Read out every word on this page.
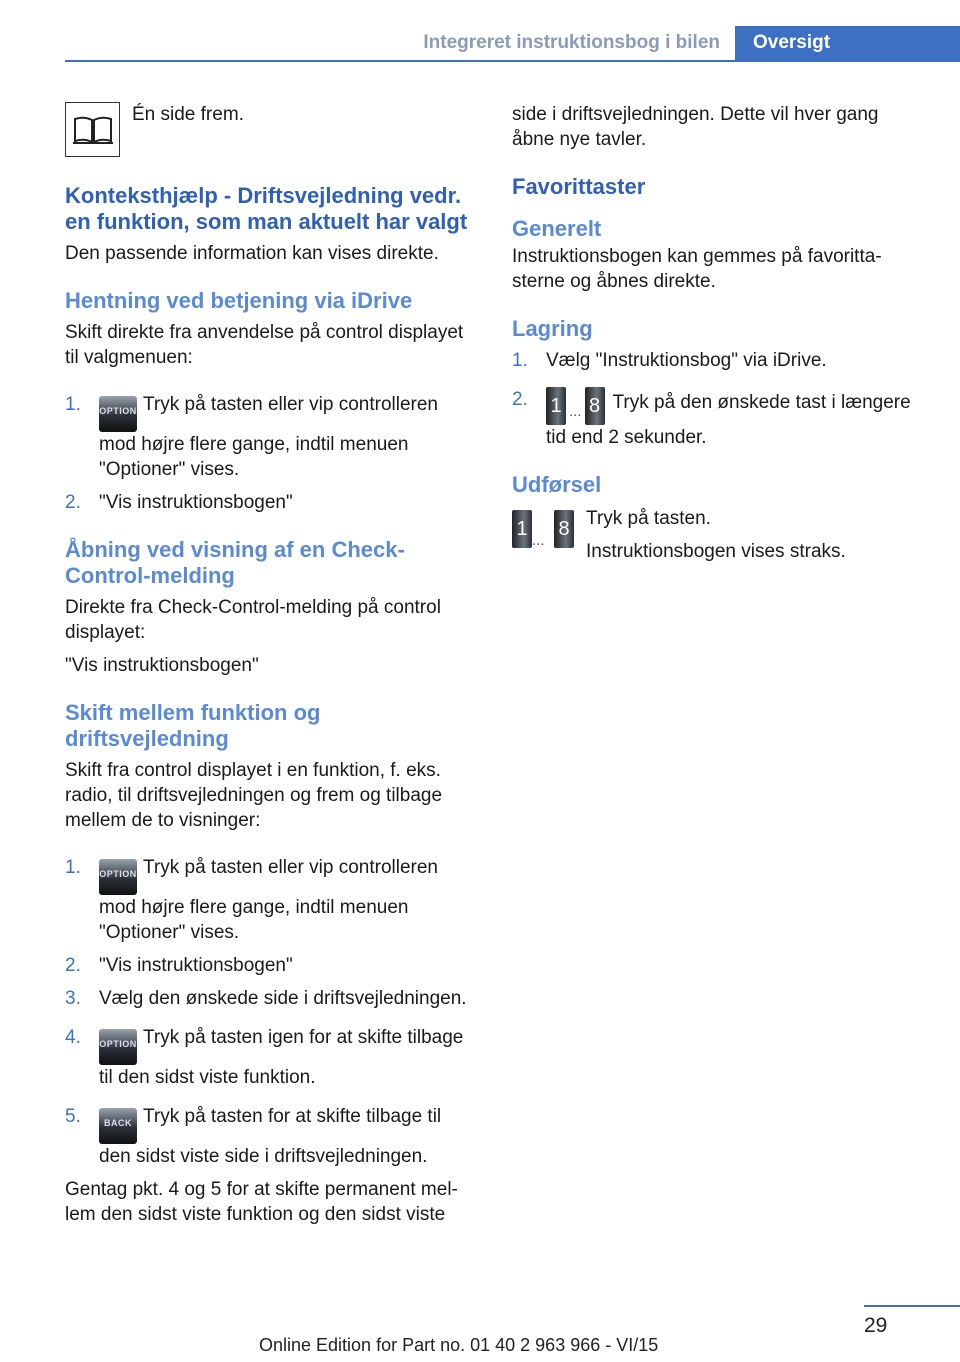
Integreret instruktionsbog i bilen	Oversigt
Én side frem.
Konteksthjælp - Driftsvejledning vedr. en funktion, som man aktuelt har valgt

Den passende information kan vises direkte.

Hentning ved betjening via iDrive

Skift direkte fra anvendelse på control displayet til valgmenuen:

1.	OPTION Tryk på tasten eller vip controlleren mod højre flere gange, indtil menuen "Optioner" vises.
2. "Vis instruktionsbogen"
Åbning ved visning af en Check-Control-melding

Direkte fra Check-Control-melding på control displayet:

"Vis instruktionsbogen"

Skift mellem funktion og driftsvejledning

Skift fra control displayet i en funktion, f. eks. radio, til driftsvejledningen og frem og tilbage mellem de to visninger:

1.	OPTION Tryk på tasten eller vip controlleren mod højre flere gange, indtil menuen "Optioner" vises.
2. "Vis instruktionsbogen"
3. Vælg den ønskede side i driftsvejledningen.
4.	OPTION Tryk på tasten igen for at skifte tilbage til den sidst viste funktion.
5.	BACK Tryk på tasten for at skifte tilbage til den sidst viste side i driftsvejledningen.

Gentag pkt. 4 og 5 for at skifte permanent mellem den sidst viste funktion og den sidst viste

side i driftsvejledningen. Dette vil hver gang åbne nye tavler.

Favorittaster
Generelt

Instruktionsbogen kan gemmes på favorittasterne og åbnes direkte.

Lagring
1. Vælg "Instruktionsbog" via iDrive.
2.	1 ... 8 Tryk på den ønskede tast i længere tid end 2 sekunder.
Udførsel
1
...
8 Tryk på tasten.

Instruktionsbogen vises straks.

29
Online Edition for Part no. 01 40 2 963 966 - VI/15
